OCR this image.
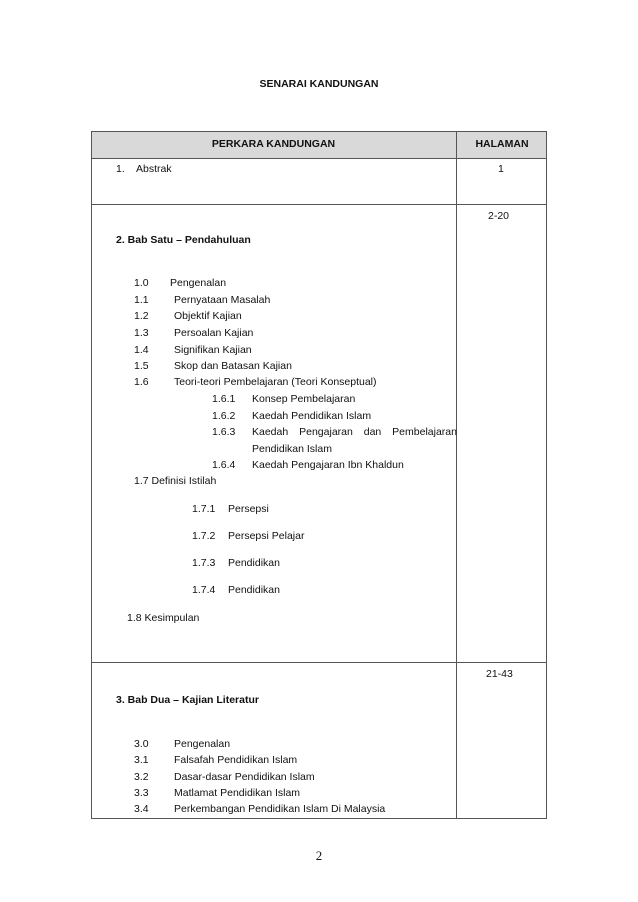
SENARAI KANDUNGAN
PERKARA KANDUNGAN	HALAMAN
1. Abstrak	1
2-20
2. Bab Satu – Pendahuluan
1.0 Pengenalan
1.1 Pernyataan Masalah
1.2 Objektif Kajian
1.3 Persoalan Kajian
1.4 Signifikan Kajian
1.5 Skop dan Batasan Kajian
1.6 Teori-teori Pembelajaran (Teori Konseptual)
1.6.1 Konsep Pembelajaran
1.6.2 Kaedah Pendidikan Islam
1.6.3 Kaedah Pengajaran dan Pembelajaran
Pendidikan Islam
1.6.4 Kaedah Pengajaran Ibn Khaldun
1.7 Definisi Istilah
1.7.1 Persepsi
1.7.2 Persepsi Pelajar
1.7.3 Pendidikan
1.7.4 Pendidikan
1.8 Kesimpulan
21-43
3. Bab Dua – Kajian Literatur
3.0 Pengenalan
3.1 Falsafah Pendidikan Islam
3.2 Dasar-dasar Pendidikan Islam
3.3 Matlamat Pendidikan Islam
3.4 Perkembangan Pendidikan Islam Di Malaysia
2
